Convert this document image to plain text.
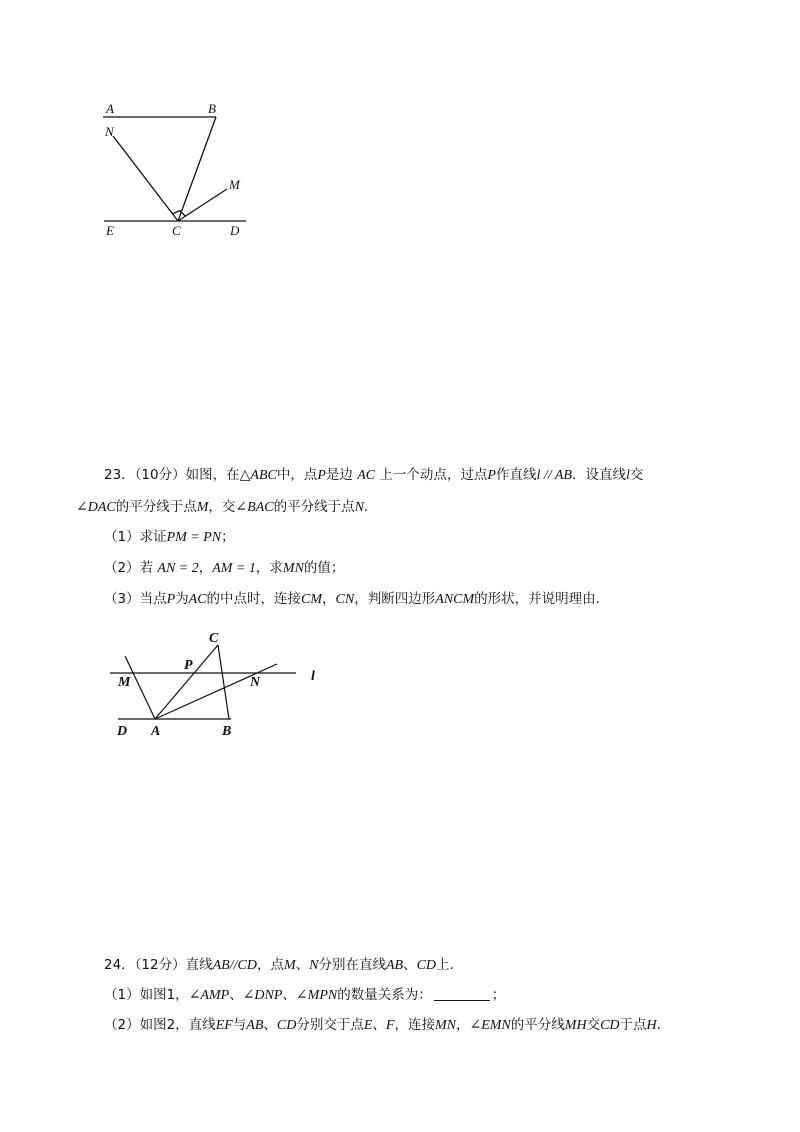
A	B
N
M
E	C	D
23．（10分）如图，在△ABC中，点P是边 AC 上一个动点，过点P作直线l // AB．设直线l交
∠DAC的平分线于点M，交∠BAC的平分线于点N.
（1）求证PM = PN；
（2）若 AN = 2，AM = 1，求MN的值；
（3）当点P为AC的中点时，连接CM，CN，判断四边形ANCM的形状，并说明理由.
C
P
M	N	l
D A	B
24．（12分）直线AB//CD，点M、N分别在直线AB、CD上.
（1）如图1，∠AMP、∠DNP、∠MPN的数量关系为：	；
（2）如图2，直线EF与AB、CD分别交于点E、F，连接MN，∠EMN的平分线MH交CD于点H.
